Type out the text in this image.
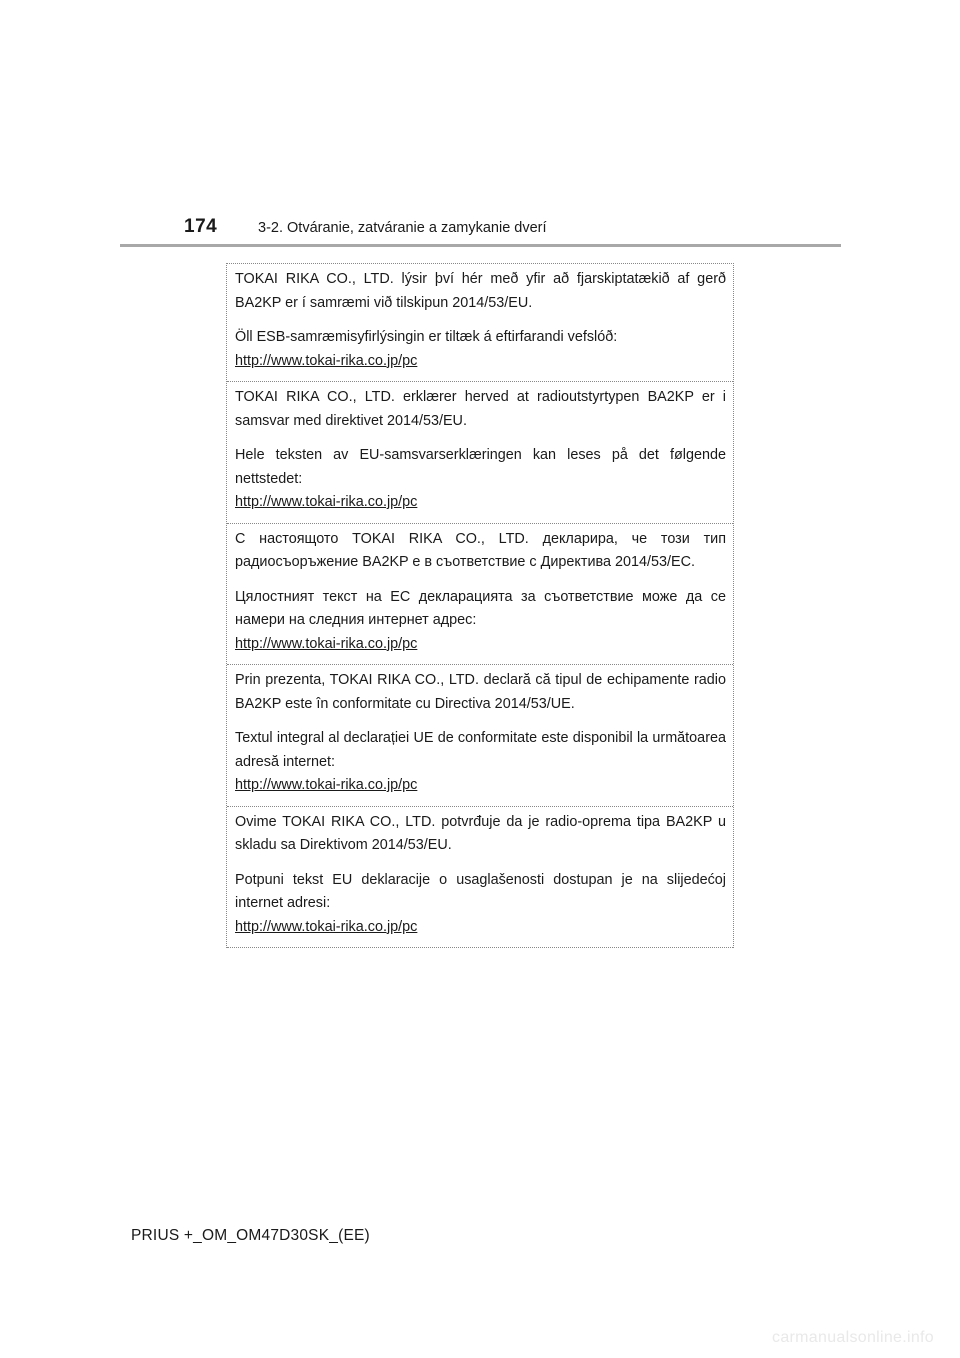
174	3-2. Otváranie, zatváranie a zamykanie dverí

TOKAI RIKA CO., LTD. lýsir því hér með yfir að fjarskiptatækið af gerð BA2KP er í samræmi við tilskipun 2014/53/EU.

Öll ESB-samræmisyfirlýsingin er tiltæk á eftirfarandi vefslóð:
http://www.tokai-rika.co.jp/pc

TOKAI RIKA CO., LTD. erklærer herved at radioutstyrtypen BA2KP er i samsvar med direktivet 2014/53/EU.

Hele teksten av EU-samsvarserklæringen kan leses på det følgende nettstedet:
http://www.tokai-rika.co.jp/pc

С настоящото TOKAI RIKA CO., LTD. декларира, че този тип радиосъоръжение BA2KP е в съответствие с Директива 2014/53/ЕС.

Цялостният текст на ЕС декларацията за съответствие може да се намери на следния интернет адрес:
http://www.tokai-rika.co.jp/pc

Prin prezenta, TOKAI RIKA CO., LTD. declară că tipul de echipamente radio BA2KP este în conformitate cu Directiva 2014/53/UE.

Textul integral al declarației UE de conformitate este disponibil la următoarea adresă internet:
http://www.tokai-rika.co.jp/pc

Ovime TOKAI RIKA CO., LTD. potvrđuje da je radio-oprema tipa BA2KP u skladu sa Direktivom 2014/53/EU.

Potpuni tekst EU deklaracije o usaglašenosti dostupan je na slijedećoj internet adresi:
http://www.tokai-rika.co.jp/pc

PRIUS +_OM_OM47D30SK_(EE)
carmanualsonline.info
